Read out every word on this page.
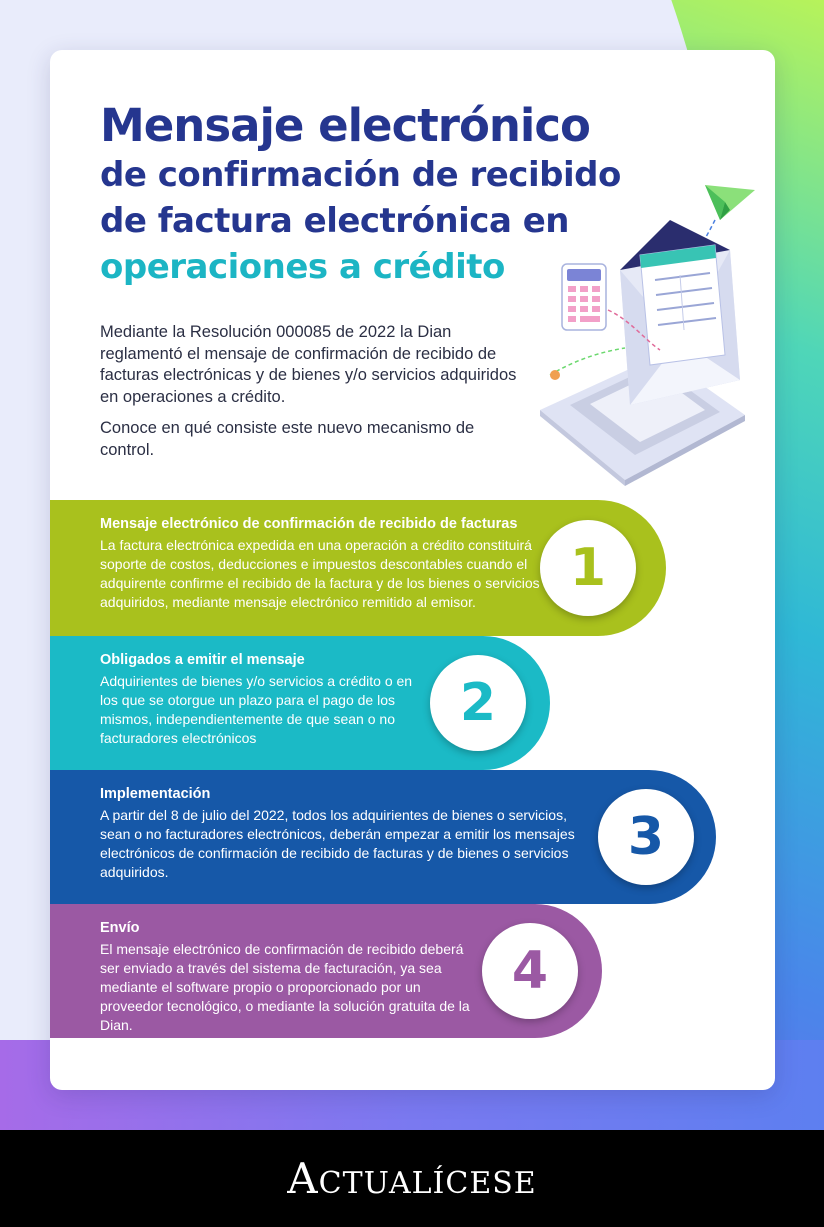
Mensaje electrónico
de confirmación de recibido
de factura electrónica en
operaciones a crédito

Mediante la Resolución 000085 de 2022 la Dian reglamentó el mensaje de confirmación de recibido de facturas electrónicas y de bienes y/o servicios adquiridos en operaciones a crédito.

Conoce en qué consiste este nuevo mecanismo de control.

Mensaje electrónico de confirmación de recibido de facturas

La factura electrónica expedida en una operación a crédito constituirá soporte de costos, deducciones e impuestos descontables cuando el adquirente confirme el recibido de la factura y de los bienes o servicios adquiridos, mediante mensaje electrónico remitido al emisor.

1
Obligados a emitir el mensaje

Adquirientes de bienes y/o servicios a crédito o en los que se otorgue un plazo para el pago de los mismos, independientemente de que sean o no facturadores electrónicos

2
Implementación

A partir del 8 de julio del 2022, todos los adquirientes de bienes o servicios, sean o no facturadores electrónicos, deberán empezar a emitir los mensajes electrónicos de confirmación de recibido de facturas y de bienes o servicios adquiridos.

3
Envío

El mensaje electrónico de confirmación de recibido deberá ser enviado a través del sistema de facturación, ya sea mediante el software propio o proporcionado por un proveedor tecnológico, o mediante la solución gratuita de la Dian.

4
ACTUALÍCESE
